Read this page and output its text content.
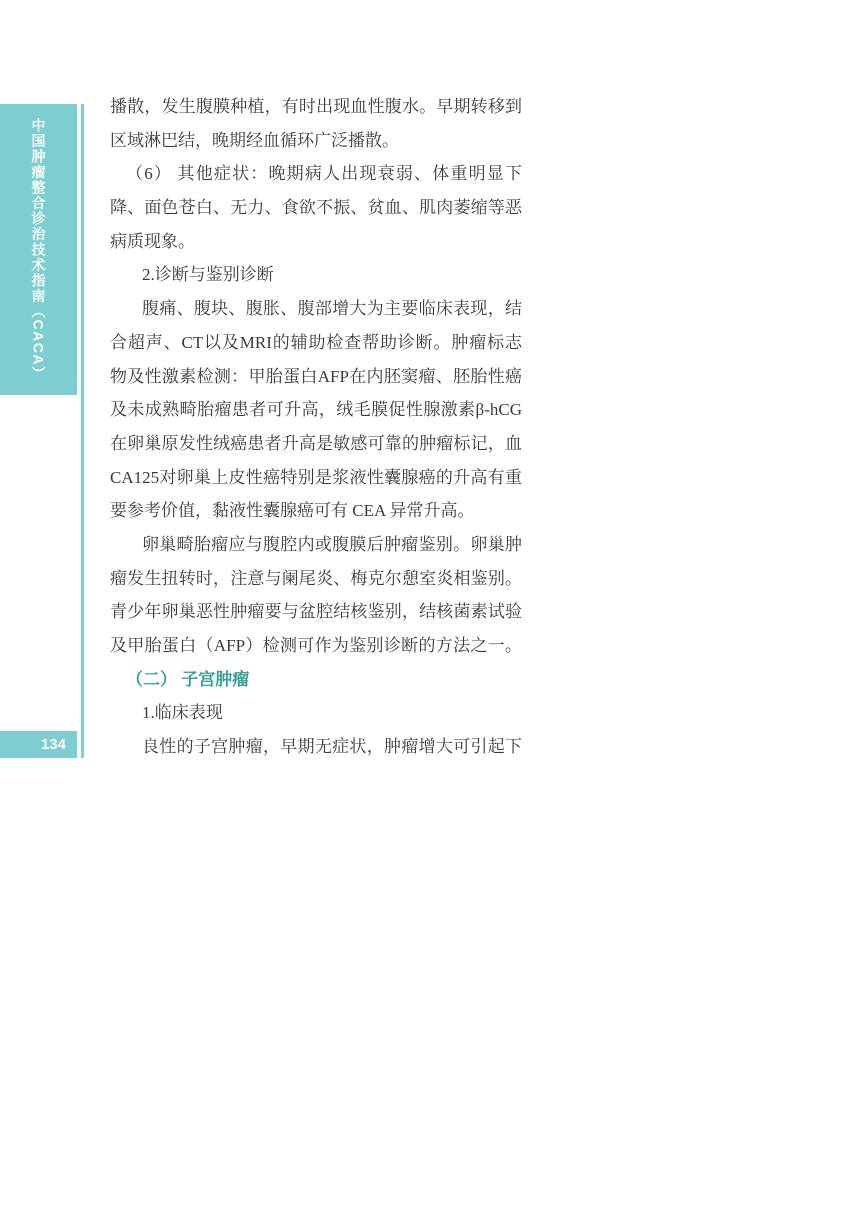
中国肿瘤整合诊治技术指南（CACA）
134
播散，发生腹膜种植，有时出现血性腹水。早期转移到
区域淋巴结，晚期经血循环广泛播散。
（6） 其他症状：晚期病人出现衰弱、体重明显下
降、面色苍白、无力、食欲不振、贫血、肌肉萎缩等恶
病质现象。
2.诊断与鉴别诊断
腹痛、腹块、腹胀、腹部增大为主要临床表现，结
合超声、CT以及MRI的辅助检查帮助诊断。肿瘤标志
物及性激素检测：甲胎蛋白AFP在内胚窦瘤、胚胎性癌
及未成熟畸胎瘤患者可升高，绒毛膜促性腺激素β-hCG
在卵巢原发性绒癌患者升高是敏感可靠的肿瘤标记，血
CA125对卵巢上皮性癌特别是浆液性囊腺癌的升高有重
要参考价值，黏液性囊腺癌可有 CEA 异常升高。
卵巢畸胎瘤应与腹腔内或腹膜后肿瘤鉴别。卵巢肿
瘤发生扭转时，注意与阑尾炎、梅克尔憩室炎相鉴别。
青少年卵巢恶性肿瘤要与盆腔结核鉴别，结核菌素试验
及甲胎蛋白（AFP）检测可作为鉴别诊断的方法之一。
（二） 子宫肿瘤
1.临床表现
良性的子宫肿瘤，早期无症状，肿瘤增大可引起下
